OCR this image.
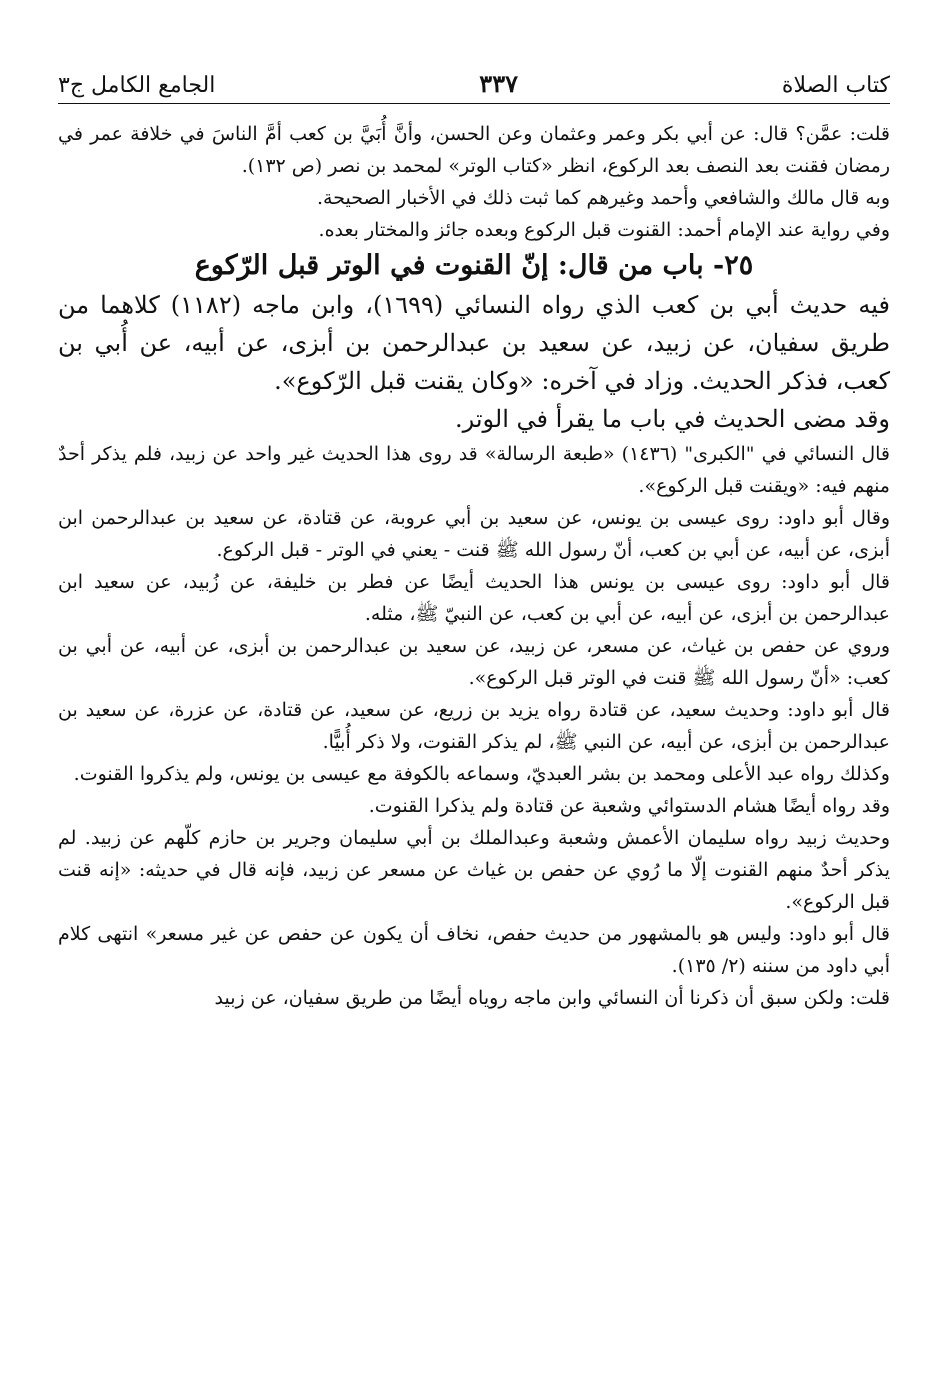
كتاب الصلاة
٣٣٧
الجامع الكامل ج٣

قلت: عمَّن؟ قال: عن أبي بكر وعمر وعثمان وعن الحسن، وأنَّ أُبَيَّ بن كعب أمَّ الناسَ في خلافة عمر في رمضان فقنت بعد النصف بعد الركوع، انظر «كتاب الوتر» لمحمد بن نصر (ص ١٣٢).

وبه قال مالك والشافعي وأحمد وغيرهم كما ثبت ذلك في الأخبار الصحيحة.

وفي رواية عند الإمام أحمد: القنوت قبل الركوع وبعده جائز والمختار بعده.

٢٥- باب من قال: إنّ القنوت في الوتر قبل الرّكوع

فيه حديث أبي بن كعب الذي رواه النسائي (١٦٩٩)، وابن ماجه (١١٨٢) كلاهما من طريق سفيان، عن زبيد، عن سعيد بن عبدالرحمن بن أبزى، عن أبيه، عن أُبي بن كعب، فذكر الحديث. وزاد في آخره: «وكان يقنت قبل الرّكوع».

وقد مضى الحديث في باب ما يقرأ في الوتر.

قال النسائي في "الكبرى" (١٤٣٦) «طبعة الرسالة» قد روى هذا الحديث غير واحد عن زبيد، فلم يذكر أحدٌ منهم فيه: «ويقنت قبل الركوع».

وقال أبو داود: روى عيسى بن يونس، عن سعيد بن أبي عروبة، عن قتادة، عن سعيد بن عبدالرحمن ابن أبزى، عن أبيه، عن أبي بن كعب، أنّ رسول الله ﷺ قنت - يعني في الوتر - قبل الركوع.

قال أبو داود: روى عيسى بن يونس هذا الحديث أيضًا عن فطر بن خليفة، عن زُبيد، عن سعيد ابن عبدالرحمن بن أبزى، عن أبيه، عن أبي بن كعب، عن النبيّ ﷺ، مثله.

وروي عن حفص بن غياث، عن مسعر، عن زبيد، عن سعيد بن عبدالرحمن بن أبزى، عن أبيه، عن أبي بن كعب: «أنّ رسول الله ﷺ قنت في الوتر قبل الركوع».

قال أبو داود: وحديث سعيد، عن قتادة رواه يزيد بن زريع، عن سعيد، عن قتادة، عن عزرة، عن سعيد بن عبدالرحمن بن أبزى، عن أبيه، عن النبي ﷺ، لم يذكر القنوت، ولا ذكر أُبيًّا.

وكذلك رواه عبد الأعلى ومحمد بن بشر العبديّ، وسماعه بالكوفة مع عيسى بن يونس، ولم يذكروا القنوت.

وقد رواه أيضًا هشام الدستوائي وشعبة عن قتادة ولم يذكرا القنوت.

وحديث زبيد رواه سليمان الأعمش وشعبة وعبدالملك بن أبي سليمان وجرير بن حازم كلّهم عن زبيد. لم يذكر أحدٌ منهم القنوت إلّا ما رُوي عن حفص بن غياث عن مسعر عن زبيد، فإنه قال في حديثه: «إنه قنت قبل الركوع».

قال أبو داود: وليس هو بالمشهور من حديث حفص، نخاف أن يكون عن حفص عن غير مسعر» انتهى كلام أبي داود من سننه (٢/ ١٣٥).

قلت: ولكن سبق أن ذكرنا أن النسائي وابن ماجه روياه أيضًا من طريق سفيان، عن زبيد
